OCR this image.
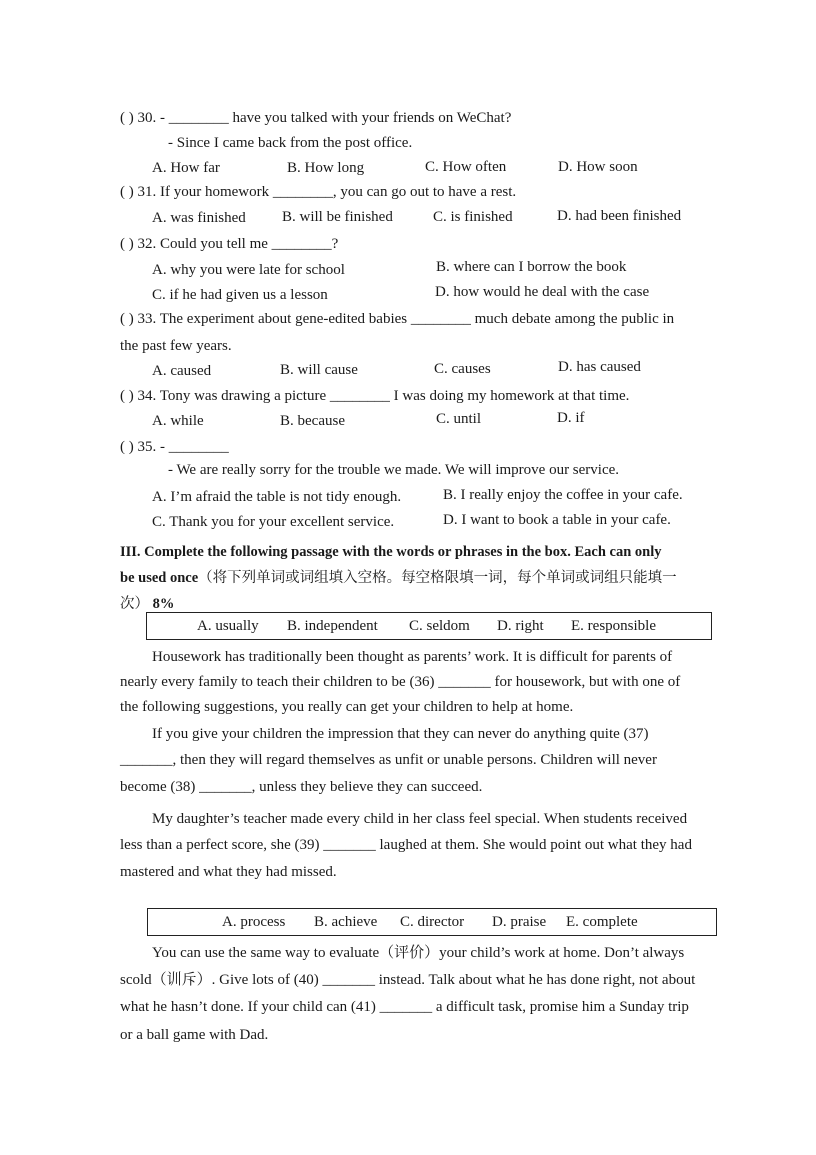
( ) 30. - ________ have you talked with your friends on WeChat?
- Since I came back from the post office.
A. How far	B. How long	C. How often	D. How soon
( ) 31. If your homework ________, you can go out to have a rest.
A. was finished B. will be finished	C. is finished	D. had been finished
( ) 32. Could you tell me ________?
A. why you were late for school	B. where can I borrow the book
C. if he had given us a lesson	D. how would he deal with the case
( ) 33. The experiment about gene-edited babies ________ much debate among the public in
the past few years.
A. caused	B. will cause	C. causes	D. has caused
( ) 34. Tony was drawing a picture ________ I was doing my homework at that time.
A. while	B. because	C. until	D. if
( ) 35. - ________
- We are really sorry for the trouble we made. We will improve our service.
A. I’m afraid the table is not tidy enough.	B. I really enjoy the coffee in your cafe.
C. Thank you for your excellent service.	D. I want to book a table in your cafe.
III. Complete the following passage with the words or phrases in the box. Each can only
be used once（将下列单词或词组填入空格。每空格限填一词，每个单词或词组只能填一
次） 8%
A. usually B. independent C. seldom D. right E. responsible
Housework has traditionally been thought as parents’ work. It is difficult for parents of
nearly every family to teach their children to be (36) _______ for housework, but with one of
the following suggestions, you really can get your children to help at home.
If you give your children the impression that they can never do anything quite (37)
_______, then they will regard themselves as unfit or unable persons. Children will never
become (38) _______, unless they believe they can succeed.
My daughter’s teacher made every child in her class feel special. When students received
less than a perfect score, she (39) _______ laughed at them. She would point out what they had
mastered and what they had missed.
A. process B. achieve C. director D. praise E. complete
You can use the same way to evaluate（评价）your child’s work at home. Don’t always
scold（训斥）. Give lots of (40) _______ instead. Talk about what he has done right, not about
what he hasn’t done. If your child can (41) _______ a difficult task, promise him a Sunday trip
or a ball game with Dad.
